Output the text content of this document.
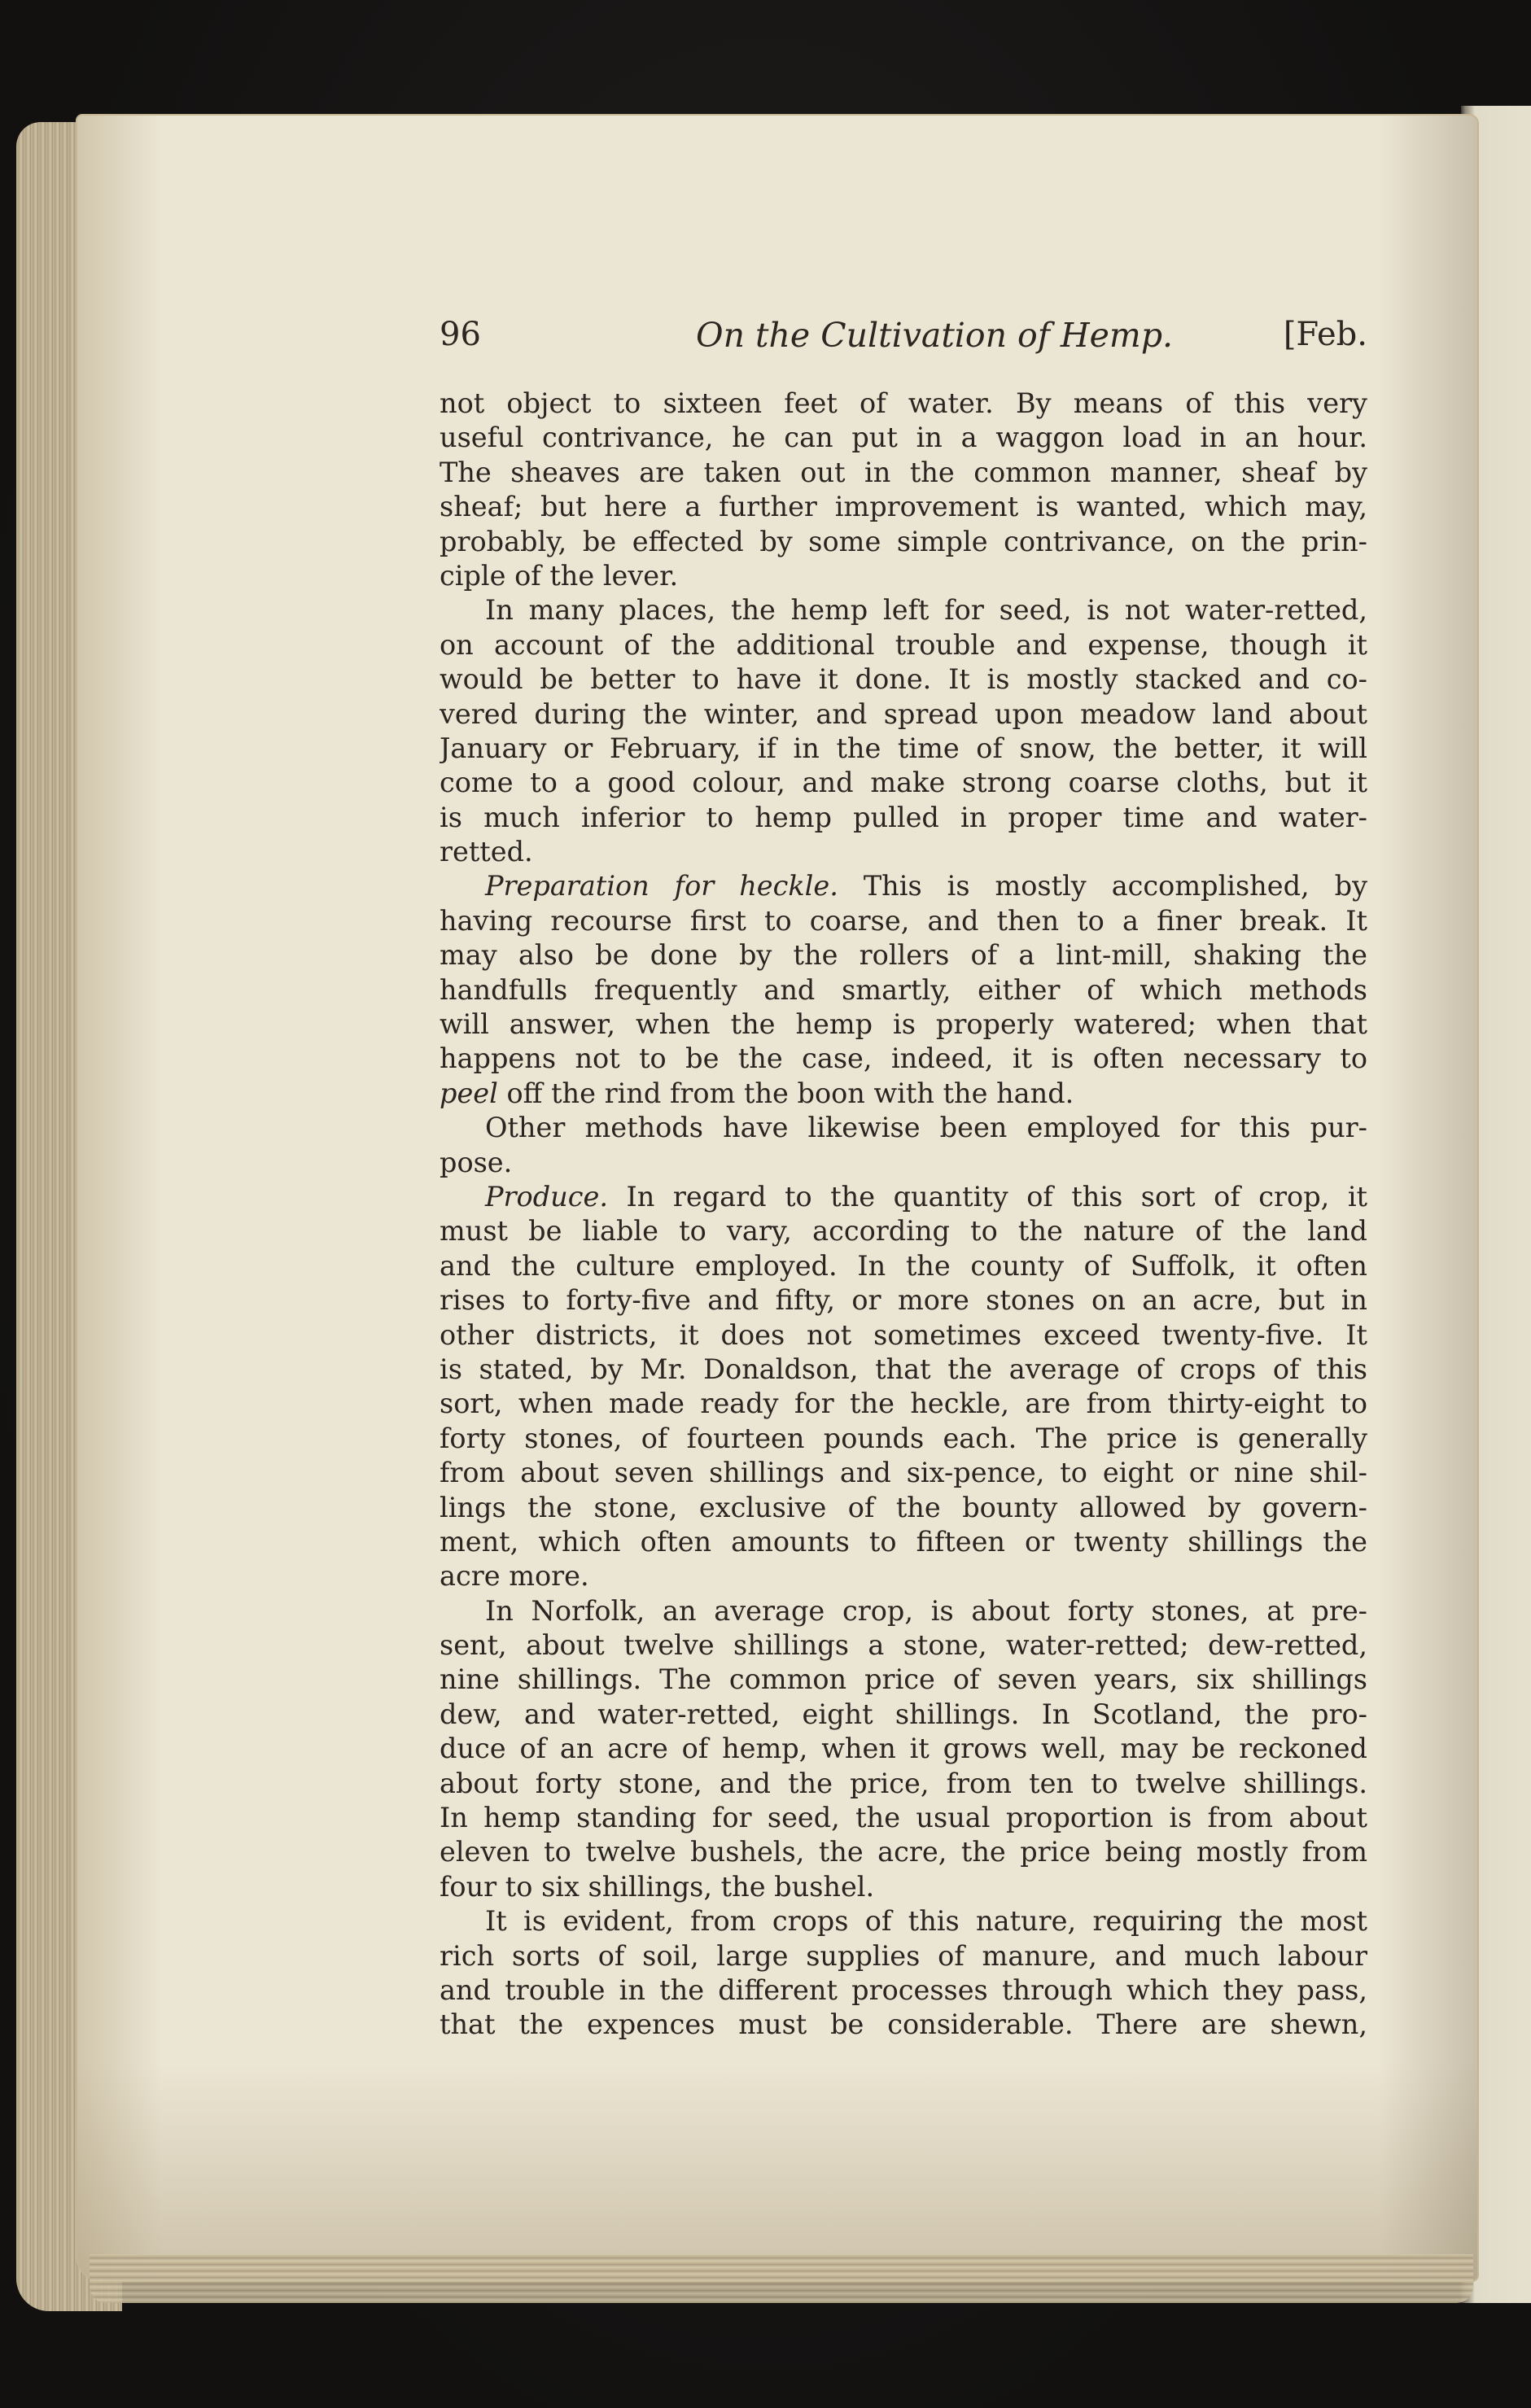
96	On the Cultivation of Hemp.	[Feb.
not object to sixteen feet of water. By means of this very
useful contrivance, he can put in a waggon load in an hour.
The sheaves are taken out in the common manner, sheaf by
sheaf; but here a further improvement is wanted, which may,
probably, be effected by some simple contrivance, on the prin-
ciple of the lever.
In many places, the hemp left for seed, is not water-retted,
on account of the additional trouble and expense, though it
would be better to have it done. It is mostly stacked and co-
vered during the winter, and spread upon meadow land about
January or February, if in the time of snow, the better, it will
come to a good colour, and make strong coarse cloths, but it
is much inferior to hemp pulled in proper time and water-
retted.
Preparation for heckle. This is mostly accomplished, by
having recourse first to coarse, and then to a finer break. It
may also be done by the rollers of a lint-mill, shaking the
handfulls frequently and smartly, either of which methods
will answer, when the hemp is properly watered; when that
happens not to be the case, indeed, it is often necessary to
peel off the rind from the boon with the hand.
Other methods have likewise been employed for this pur-
pose.
Produce. In regard to the quantity of this sort of crop, it
must be liable to vary, according to the nature of the land
and the culture employed. In the county of Suffolk, it often
rises to forty-five and fifty, or more stones on an acre, but in
other districts, it does not sometimes exceed twenty-five. It
is stated, by Mr. Donaldson, that the average of crops of this
sort, when made ready for the heckle, are from thirty-eight to
forty stones, of fourteen pounds each. The price is generally
from about seven shillings and six-pence, to eight or nine shil-
lings the stone, exclusive of the bounty allowed by govern-
ment, which often amounts to fifteen or twenty shillings the
acre more.
In Norfolk, an average crop, is about forty stones, at pre-
sent, about twelve shillings a stone, water-retted; dew-retted,
nine shillings. The common price of seven years, six shillings
dew, and water-retted, eight shillings. In Scotland, the pro-
duce of an acre of hemp, when it grows well, may be reckoned
about forty stone, and the price, from ten to twelve shillings.
In hemp standing for seed, the usual proportion is from about
eleven to twelve bushels, the acre, the price being mostly from
four to six shillings, the bushel.
It is evident, from crops of this nature, requiring the most
rich sorts of soil, large supplies of manure, and much labour
and trouble in the different processes through which they pass,
that the expences must be considerable. There are shewn,
